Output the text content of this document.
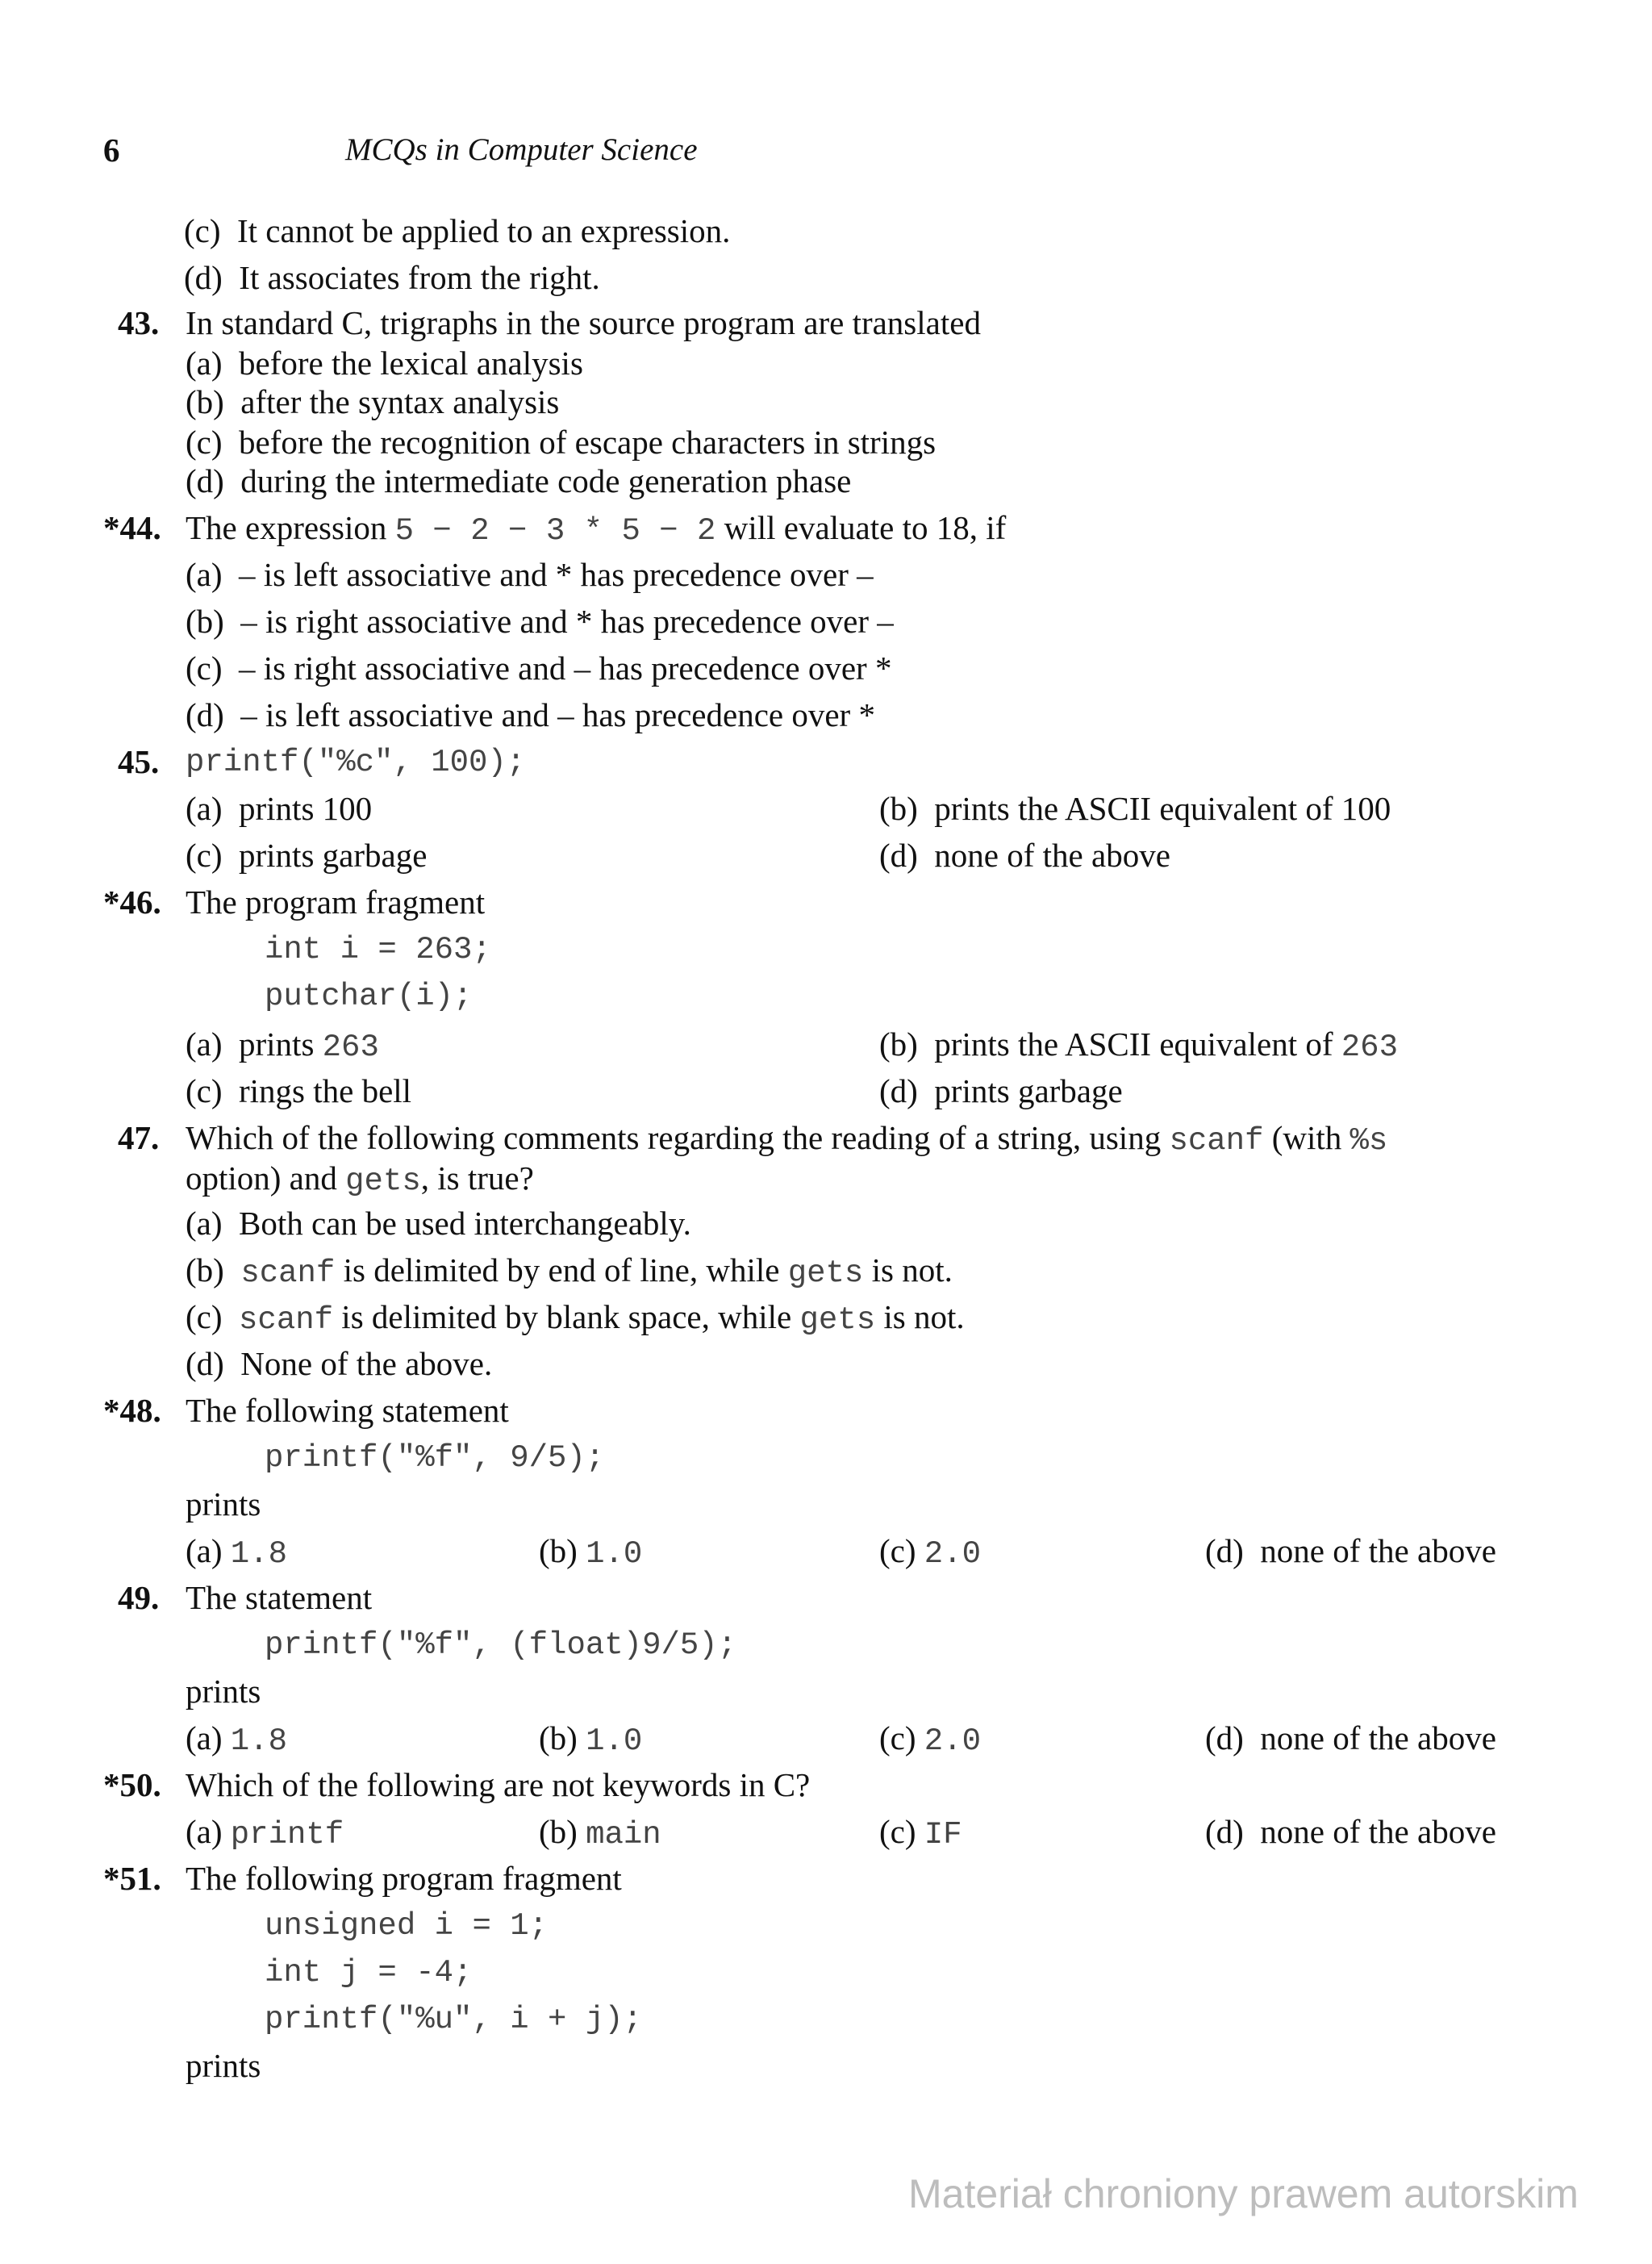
6	MCQs in Computer Science
(c)  It cannot be applied to an expression.
(d)  It associates from the right.
43. In standard C, trigraphs in the source program are translated
(a)  before the lexical analysis
(b)  after the syntax analysis
(c)  before the recognition of escape characters in strings
(d)  during the intermediate code generation phase
*44. The expression 5 − 2 − 3 * 5 − 2 will evaluate to 18, if
(a)  – is left associative and * has precedence over –
(b)  – is right associative and * has precedence over –
(c)  – is right associative and – has precedence over *
(d)  – is left associative and – has precedence over *
45. printf("%c", 100);
(a)  prints 100	(b)  prints the ASCII equivalent of 100
(c)  prints garbage	(d)  none of the above
*46. The program fragment
int i = 263;
putchar(i);
(a)  prints 263	(b)  prints the ASCII equivalent of 263
(c)  rings the bell	(d)  prints garbage
47. Which of the following comments regarding the reading of a string, using scanf (with %s
option) and gets, is true?
(a)  Both can be used interchangeably.
(b)  scanf is delimited by end of line, while gets is not.
(c)  scanf is delimited by blank space, while gets is not.
(d)  None of the above.
*48. The following statement
printf("%f", 9/5);
prints
(a) 1.8	(b) 1.0	(c) 2.0	(d)  none of the above
49. The statement
printf("%f", (float)9/5);
prints
(a) 1.8	(b) 1.0	(c) 2.0	(d)  none of the above
*50. Which of the following are not keywords in C?
(a) printf	(b) main	(c) IF	(d)  none of the above
*51. The following program fragment
unsigned i = 1;
int j = -4;
printf("%u", i + j);
prints
Materiał chroniony prawem autorskim
